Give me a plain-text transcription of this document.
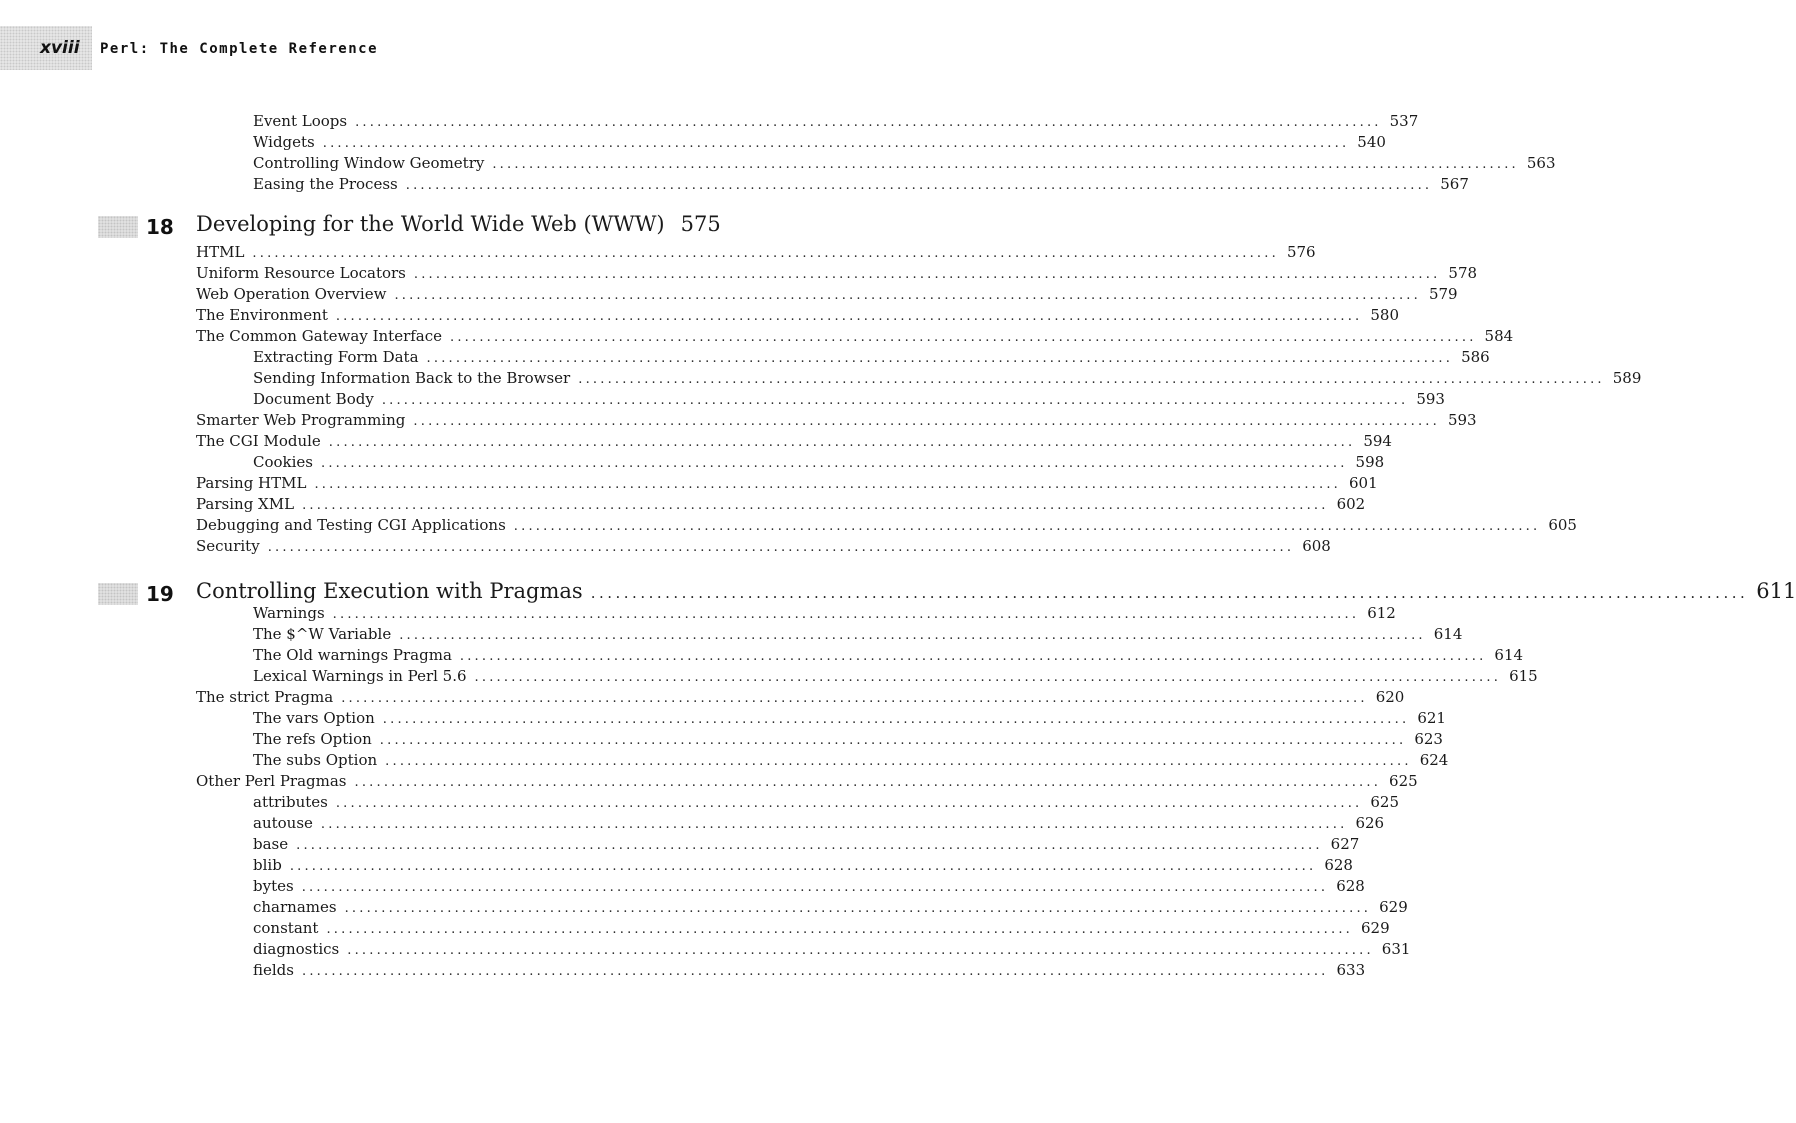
xviii Perl: The Complete Reference
Event Loops ............................................................................................................................................ 537
Widgets ............................................................................................................................................ 540
Controlling Window Geometry ............................................................................................................................................ 563
Easing the Process ............................................................................................................................................ 567
18 Developing for the World Wide Web (WWW) 575
HTML ............................................................................................................................................ 576
Uniform Resource Locators ............................................................................................................................................ 578
Web Operation Overview ............................................................................................................................................ 579
The Environment ............................................................................................................................................ 580
The Common Gateway Interface ............................................................................................................................................ 584
Extracting Form Data ............................................................................................................................................ 586
Sending Information Back to the Browser ............................................................................................................................................ 589
Document Body ............................................................................................................................................ 593
Smarter Web Programming ............................................................................................................................................ 593
The CGI Module ............................................................................................................................................ 594
Cookies ............................................................................................................................................ 598
Parsing HTML ............................................................................................................................................ 601
Parsing XML ............................................................................................................................................ 602
Debugging and Testing CGI Applications ............................................................................................................................................ 605
Security ............................................................................................................................................ 608
19 Controlling Execution with Pragmas ............................................................................................................................................ 611
Warnings ............................................................................................................................................ 612
The $^W Variable ............................................................................................................................................ 614
The Old warnings Pragma ............................................................................................................................................ 614
Lexical Warnings in Perl 5.6 ............................................................................................................................................ 615
The strict Pragma ............................................................................................................................................ 620
The vars Option ............................................................................................................................................ 621
The refs Option ............................................................................................................................................ 623
The subs Option ............................................................................................................................................ 624
Other Perl Pragmas ............................................................................................................................................ 625
attributes ............................................................................................................................................ 625
autouse ............................................................................................................................................ 626
base ............................................................................................................................................ 627
blib ............................................................................................................................................ 628
bytes ............................................................................................................................................ 628
charnames ............................................................................................................................................ 629
constant ............................................................................................................................................ 629
diagnostics ............................................................................................................................................ 631
fields ............................................................................................................................................ 633
